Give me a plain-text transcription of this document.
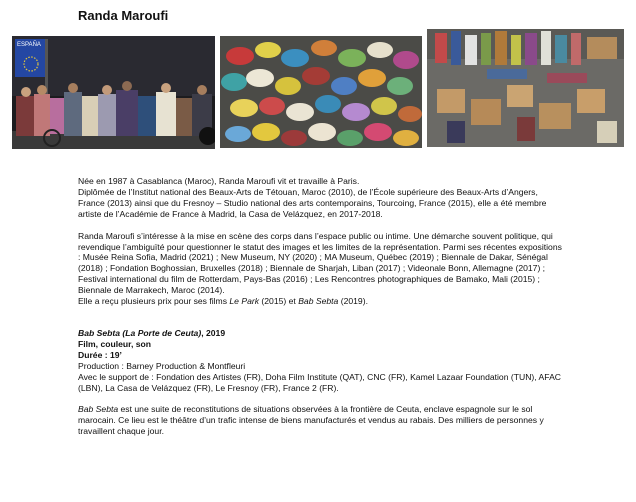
Randa Maroufi
ESPAÑA

Née en 1987 à Casablanca (Maroc), Randa Maroufi vit et travaille à Paris.

Diplômée de l’Institut national des Beaux-Arts de Tétouan, Maroc (2010), de l’École supérieure des Beaux-Arts d’Angers, France (2013) ainsi que du Fresnoy – Studio national des arts contemporains, Tourcoing, France (2015), elle a été membre artiste de l’Académie de France à Madrid, la Casa de Velázquez, en 2017-2018.

Randa Maroufi s’intéresse à la mise en scène des corps dans l’espace public ou intime. Une démarche souvent politique, qui revendique l’ambiguïté pour questionner le statut des images et les limites de la représentation. Parmi ses récentes expositions : Musée Reina Sofia, Madrid (2021) ; New Museum, NY (2020) ; MA Museum, Québec (2019) ; Biennale de Dakar, Sénégal (2018) ; Fondation Boghossian, Bruxelles (2018) ; Biennale de Sharjah, Liban (2017) ; Videonale Bonn, Allemagne (2017) ; Festival international du film de Rotterdam, Pays-Bas (2016) ; Les Rencontres photographiques de Bamako, Mali (2015) ; Biennale de Marrakech, Maroc (2014).
Elle a reçu plusieurs prix pour ses films Le Park (2015) et Bab Sebta (2019).

Bab Sebta (La Porte de Ceuta), 2019

Film, couleur, son

Durée : 19’

Production : Barney Production & Montfleuri

Avec le support de : Fondation des Artistes (FR), Doha Film Institute (QAT), CNC (FR), Kamel Lazaar Foundation (TUN), AFAC (LBN), La Casa de Velázquez (FR), Le Fresnoy (FR), France 2 (FR).

Bab Sebta est une suite de reconstitutions de situations observées à la frontière de Ceuta, enclave espagnole sur le sol marocain. Ce lieu est le théâtre d’un trafic intense de biens manufacturés et vendus au rabais. Des milliers de personnes y travaillent chaque jour.
